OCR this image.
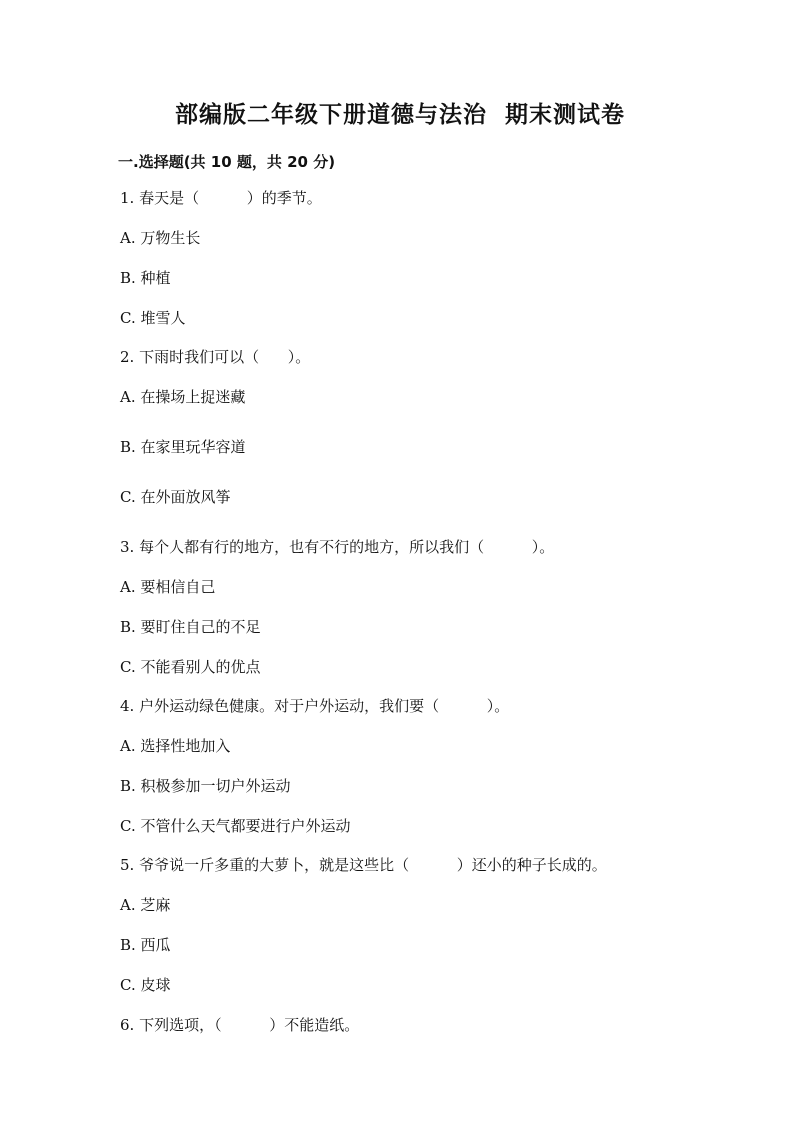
部编版二年级下册道德与法治  期末测试卷
一.选择题(共 10 题，共 20 分)
1. 春天是（          ）的季节。
A. 万物生长
B. 种植
C. 堆雪人
2. 下雨时我们可以（      ）。
A. 在操场上捉迷藏
B. 在家里玩华容道
C. 在外面放风筝
3. 每个人都有行的地方，也有不行的地方，所以我们（          ）。
A. 要相信自己
B. 要盯住自己的不足
C. 不能看别人的优点
4. 户外运动绿色健康。对于户外运动，我们要（          ）。
A. 选择性地加入
B. 积极参加一切户外运动
C. 不管什么天气都要进行户外运动
5. 爷爷说一斤多重的大萝卜，就是这些比（          ）还小的种子长成的。
A. 芝麻
B. 西瓜
C. 皮球
6. 下列选项，（          ）不能造纸。
